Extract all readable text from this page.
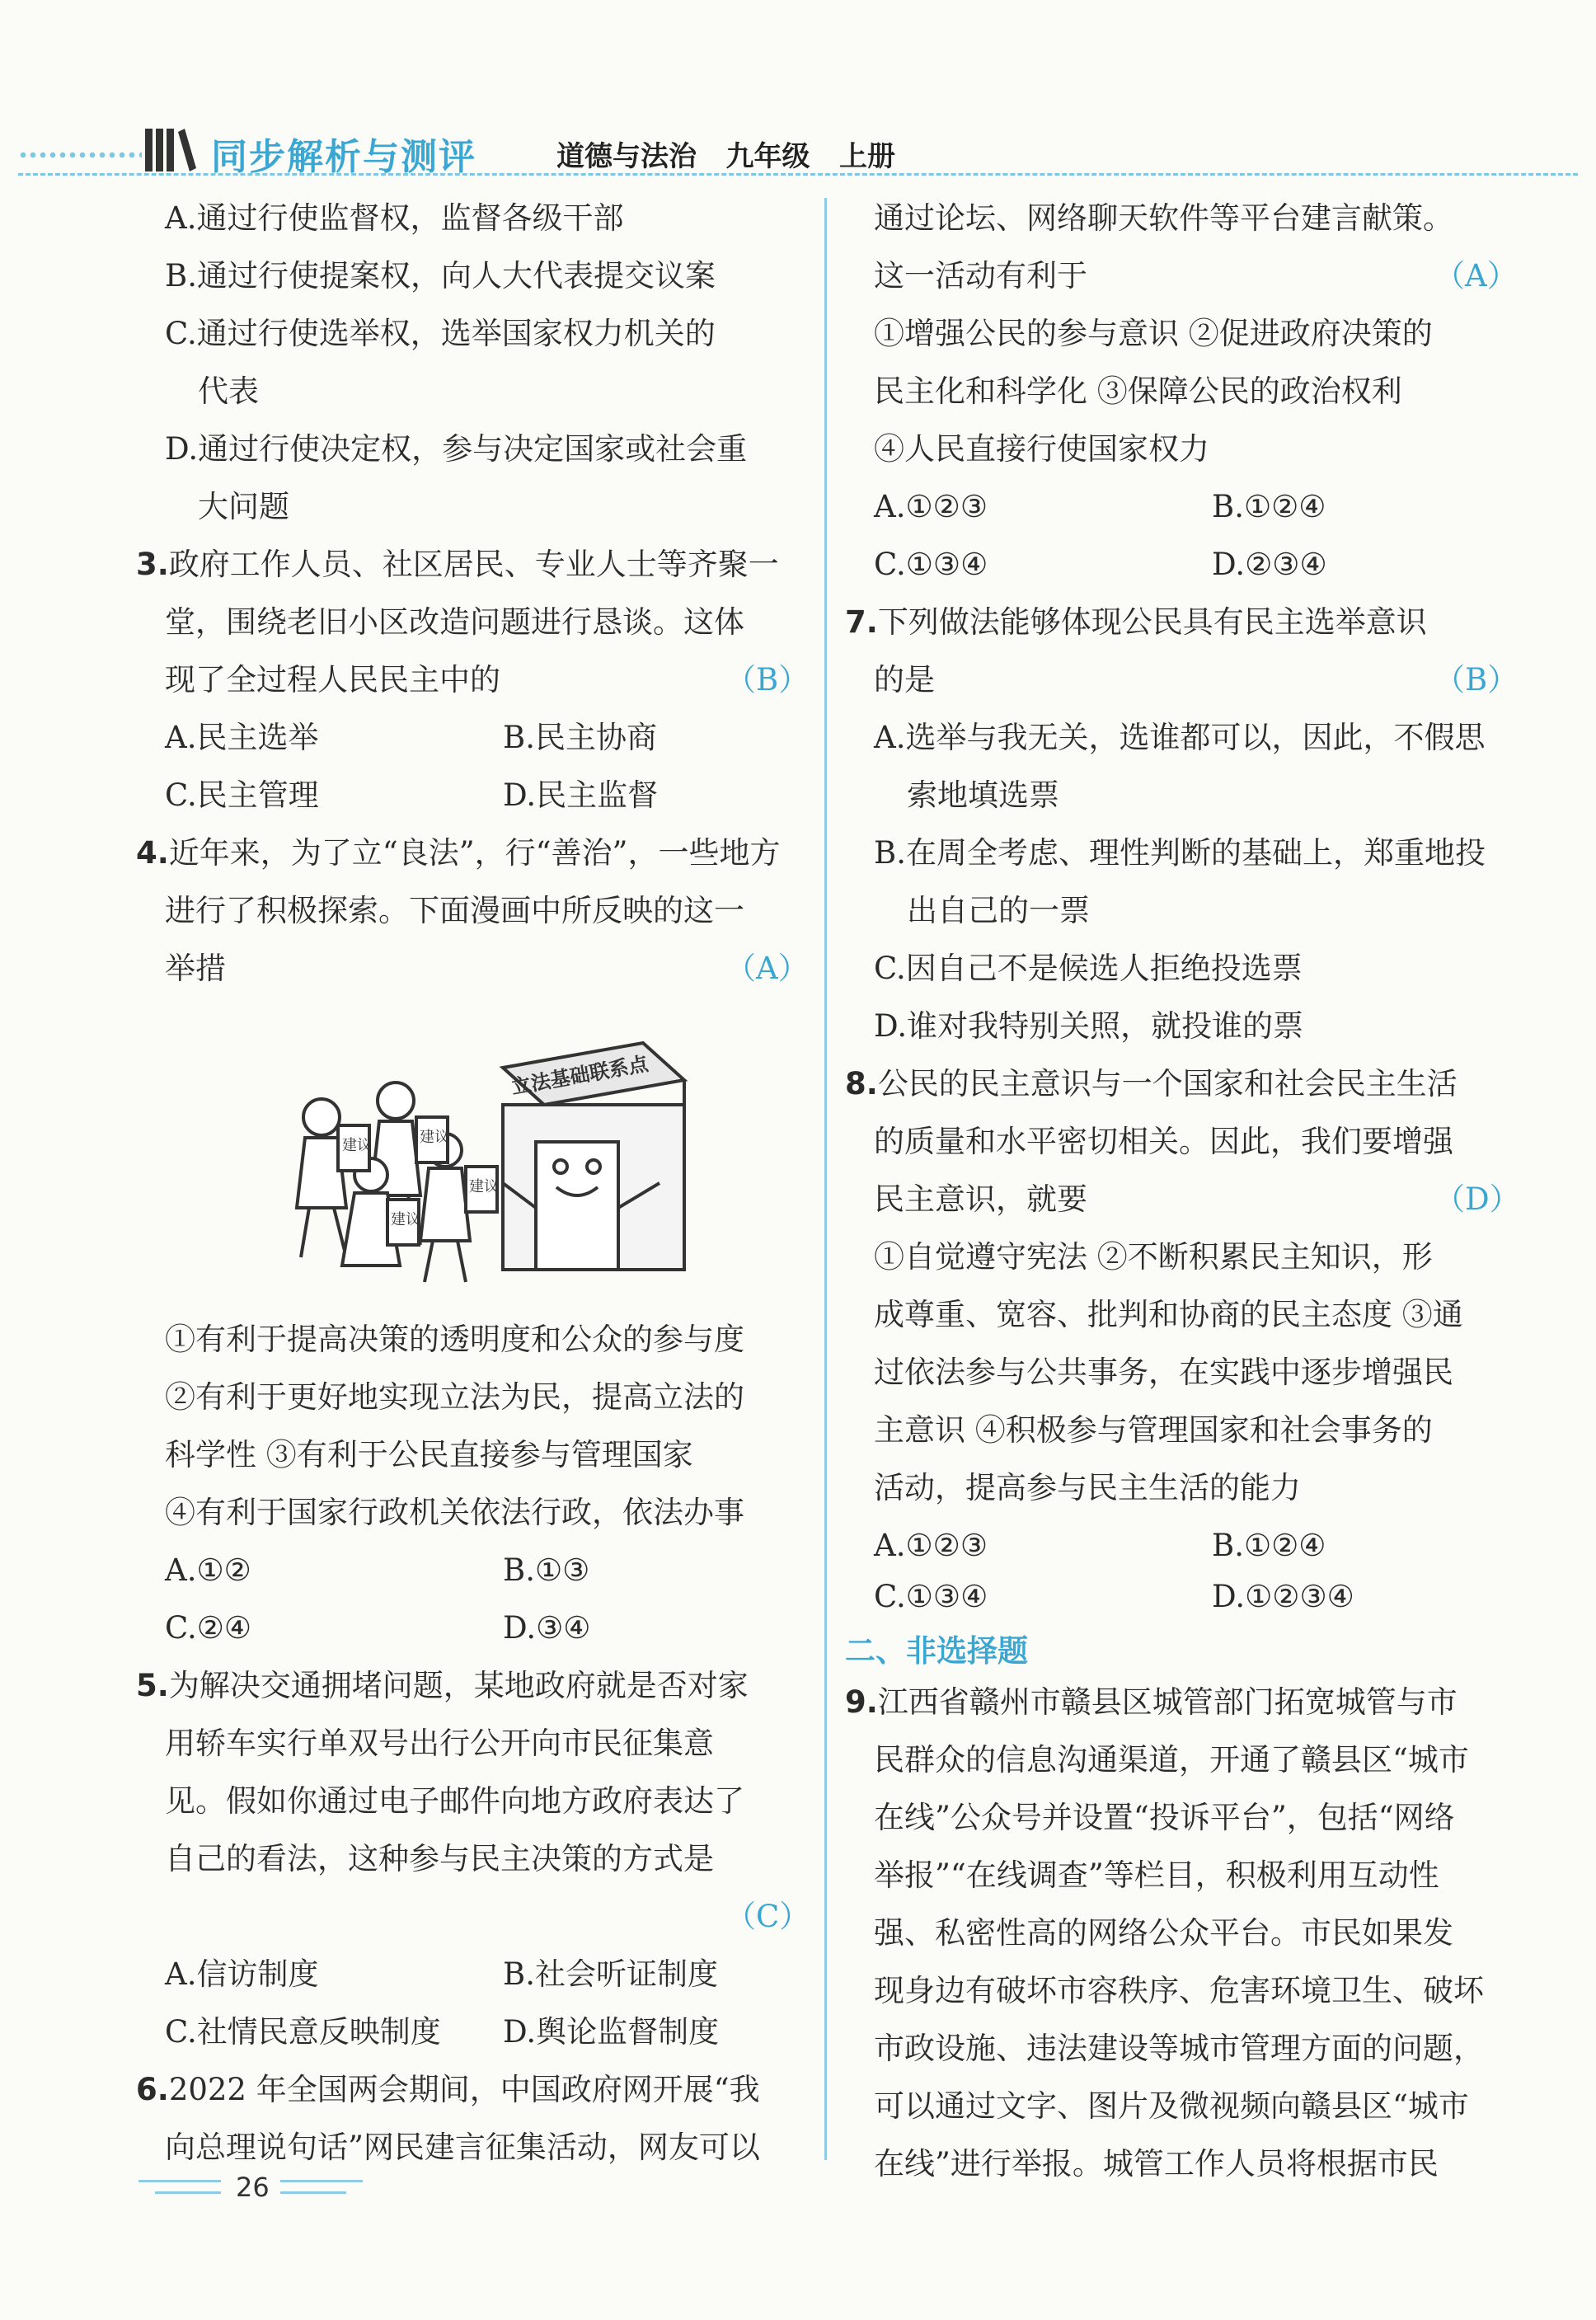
同步解析与测评	道德与法治   九年级   上册
A.通过行使监督权，监督各级干部
B.通过行使提案权，向人大代表提交议案
C.通过行使选举权，选举国家权力机关的
代表
D.通过行使决定权，参与决定国家或社会重
大问题
3.政府工作人员、社区居民、专业人士等齐聚一
堂，围绕老旧小区改造问题进行恳谈。这体
现了全过程人民民主中的	（B）
A.民主选举	B.民主协商
C.民主管理	D.民主监督
4.近年来，为了立“良法”，行“善治”，一些地方
进行了积极探索。下面漫画中所反映的这一
举措	（A）
立法基础联系点
建议	建议
建议
建议
①有利于提高决策的透明度和公众的参与度
②有利于更好地实现立法为民，提高立法的
科学性 ③有利于公民直接参与管理国家
④有利于国家行政机关依法行政，依法办事
A.①②	B.①③
C.②④	D.③④
5.为解决交通拥堵问题，某地政府就是否对家
用轿车实行单双号出行公开向市民征集意
见。假如你通过电子邮件向地方政府表达了
自己的看法，这种参与民主决策的方式是
（C）
A.信访制度	B.社会听证制度
C.社情民意反映制度 D.舆论监督制度
6.2022 年全国两会期间，中国政府网开展“我
向总理说句话”网民建言征集活动，网友可以
通过论坛、网络聊天软件等平台建言献策。
这一活动有利于	（A）
①增强公民的参与意识 ②促进政府决策的
民主化和科学化 ③保障公民的政治权利
④人民直接行使国家权力
A.①②③	B.①②④
C.①③④	D.②③④
7.下列做法能够体现公民具有民主选举意识
的是	（B）
A.选举与我无关，选谁都可以，因此，不假思
索地填选票
B.在周全考虑、理性判断的基础上，郑重地投
出自己的一票
C.因自己不是候选人拒绝投选票
D.谁对我特别关照，就投谁的票
8.公民的民主意识与一个国家和社会民主生活
的质量和水平密切相关。因此，我们要增强
民主意识，就要	（D）
①自觉遵守宪法 ②不断积累民主知识，形
成尊重、宽容、批判和协商的民主态度 ③通
过依法参与公共事务，在实践中逐步增强民
主意识 ④积极参与管理国家和社会事务的
活动，提高参与民主生活的能力
A.①②③	B.①②④
C.①③④	D.①②③④
二、非选择题
9.江西省赣州市赣县区城管部门拓宽城管与市
民群众的信息沟通渠道，开通了赣县区“城市
在线”公众号并设置“投诉平台”，包括“网络
举报”“在线调查”等栏目，积极利用互动性
强、私密性高的网络公众平台。市民如果发
现身边有破坏市容秩序、危害环境卫生、破坏
市政设施、违法建设等城市管理方面的问题，
可以通过文字、图片及微视频向赣县区“城市
在线”进行举报。城管工作人员将根据市民
26
